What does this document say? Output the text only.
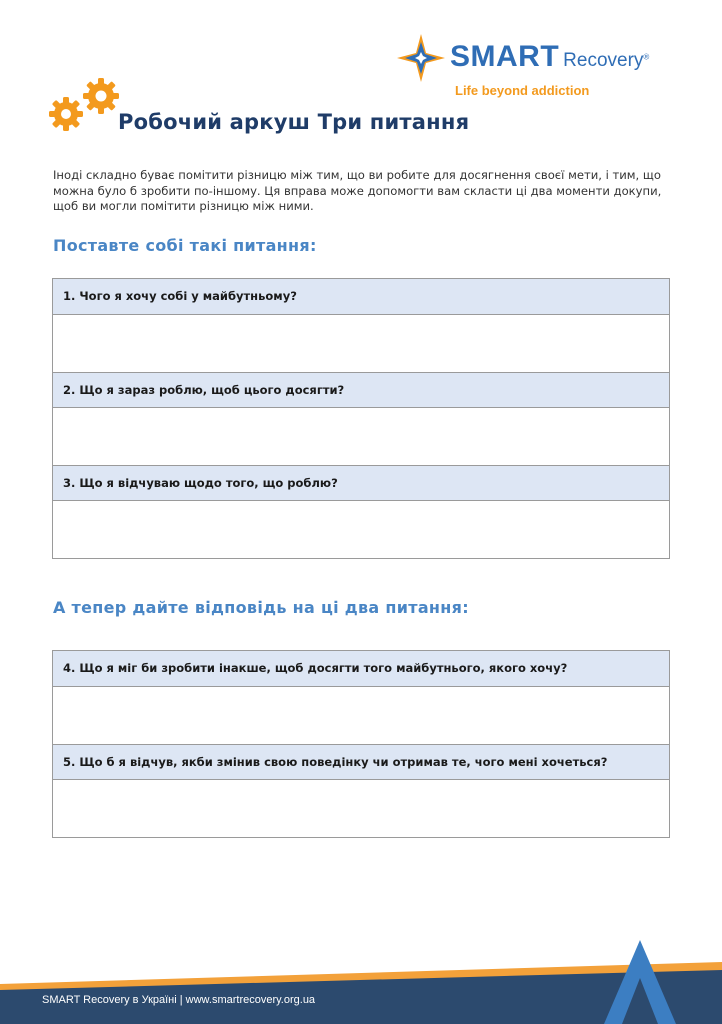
SMART Recovery®
Life beyond addiction
Робочий аркуш Три питання
Іноді складно буває помітити різницю між тим, що ви робите для досягнення своєї мети, і тим, що можна було б зробити по-іншому. Ця вправа може допомогти вам скласти ці два моменти докупи, щоб ви могли помітити різницю між ними.
Поставте собі такі питання:
1. Чого я хочу собі у майбутньому?
2. Що я зараз роблю, щоб цього досягти?
3. Що я відчуваю щодо того, що роблю?
А тепер дайте відповідь на ці два питання:
4. Що я міг би зробити інакше, щоб досягти того майбутнього, якого хочу?
5. Що б я відчув, якби змінив свою поведінку чи отримав те, чого мені хочеться?
SMART Recovery в Україні | www.smartrecovery.org.ua
